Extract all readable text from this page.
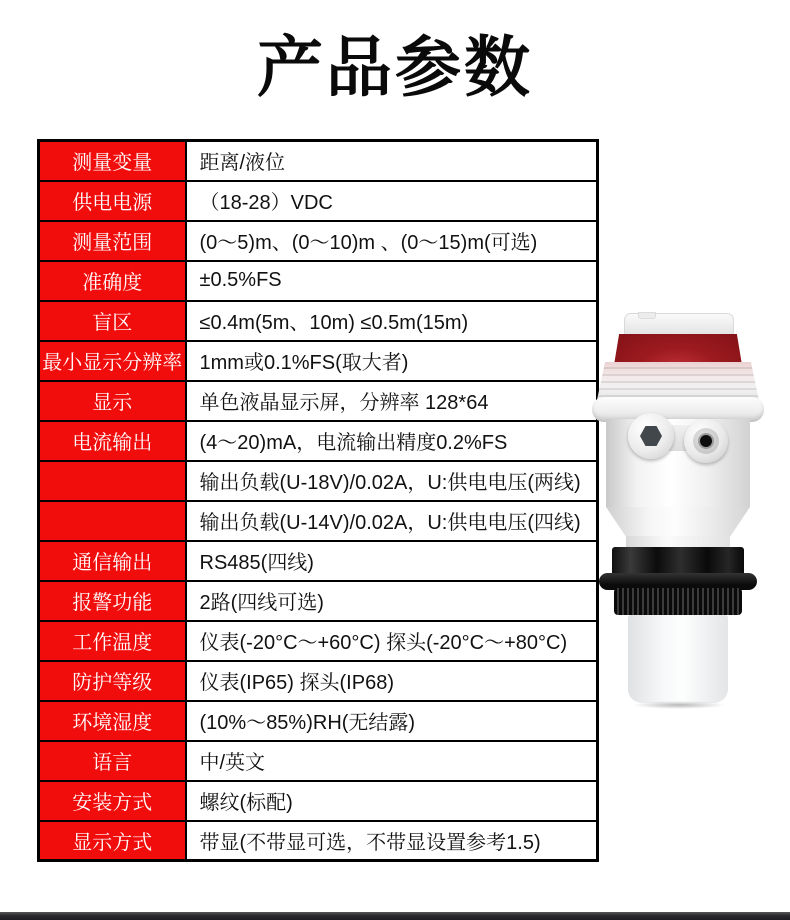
产品参数
测量变量	距离/液位
供电电源	（18-28）VDC
测量范围	(0～5)m、(0～10)m 、(0～15)m(可选)
准确度	±0.5%FS
盲区	≤0.4m(5m、10m) ≤0.5m(15m)
最小显示分辨率	1mm或0.1%FS(取大者)
显示	单色液晶显示屏，分辨率 128*64
电流输出	(4～20)mA，电流输出精度0.2%FS
	输出负载(U-18V)/0.02A，U:供电电压(两线)
	输出负载(U-14V)/0.02A，U:供电电压(四线)
通信输出	RS485(四线)
报警功能	2路(四线可选)
工作温度	仪表(-20°C～+60°C) 探头(-20°C～+80°C)
防护等级	仪表(IP65) 探头(IP68)
环境湿度	(10%～85%)RH(无结露)
语言	中/英文
安装方式	螺纹(标配)
显示方式	带显(不带显可选，不带显设置参考1.5)
